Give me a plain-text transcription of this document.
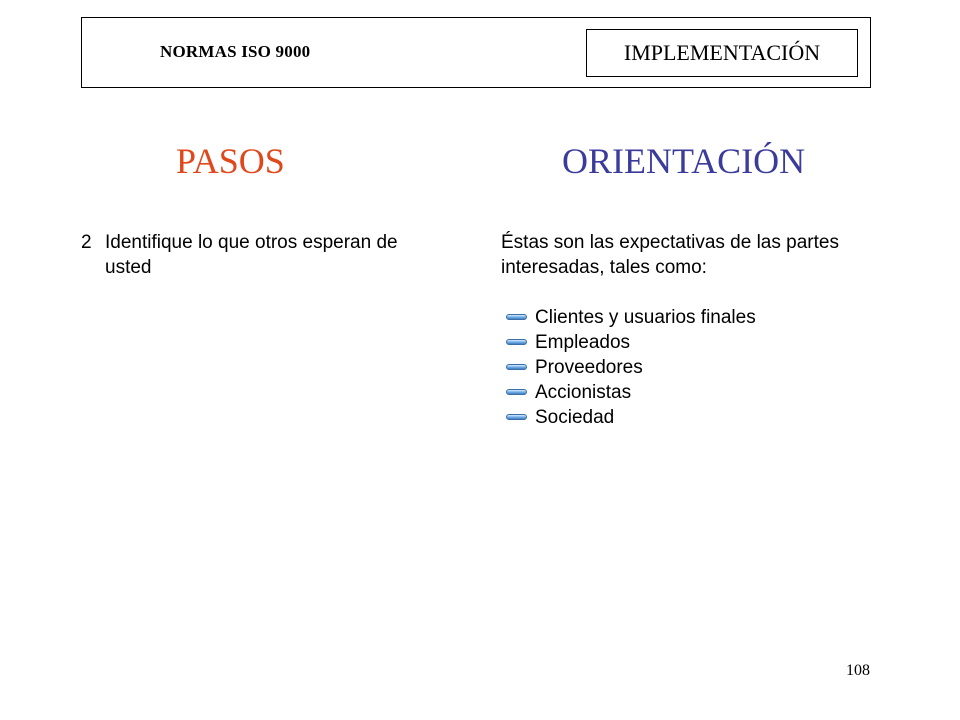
NORMAS ISO 9000	IMPLEMENTACIÓN
PASOS	ORIENTACIÓN
2 Identifique lo que otros esperan de usted

Éstas son las expectativas de las partes interesadas, tales como:

Clientes y usuarios finales
Empleados
Proveedores
Accionistas
Sociedad
108
